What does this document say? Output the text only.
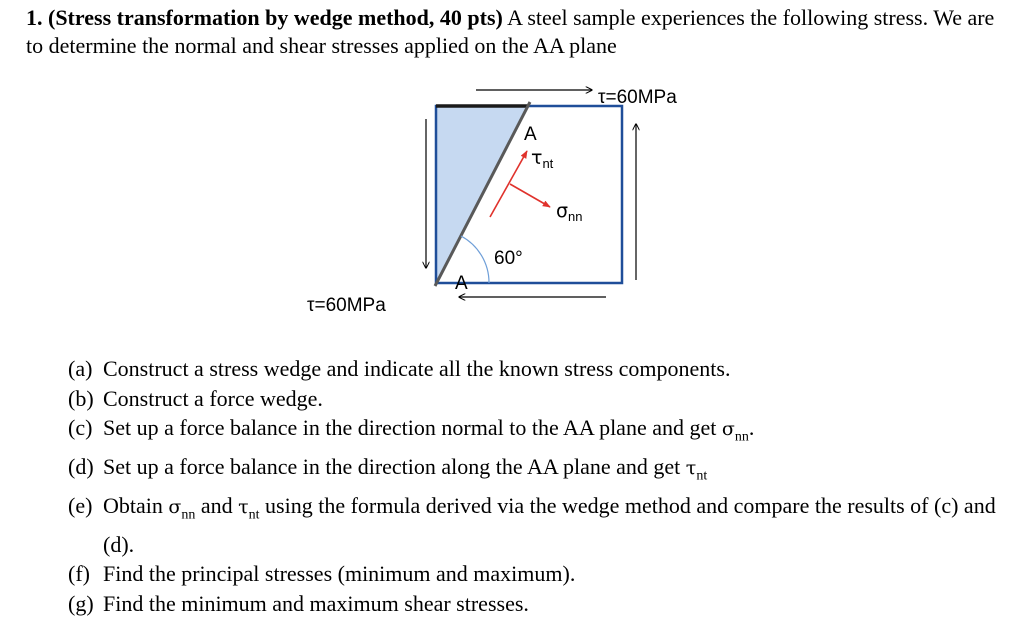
1. (Stress transformation by wedge method, 40 pts) A steel sample experiences the following stress. We are to determine the normal and shear stresses applied on the AA plane
τ=60MPa
τ=60MPa
A
A
60°
$\tau_{nt}$
$\sigma_{nn}$
(a) Construct a stress wedge and indicate all the known stress components.
(b) Construct a force wedge.
(c) Set up a force balance in the direction normal to the AA plane and get $\sigma_{nn}$.
(d) Set up a force balance in the direction along the AA plane and get $\tau_{nt}$
(e) Obtain $\sigma_{nn}$ and $\tau_{nt}$ using the formula derived via the wedge method and compare the results of (c) and (d).
(f) Find the principal stresses (minimum and maximum).
(g) Find the minimum and maximum shear stresses.
